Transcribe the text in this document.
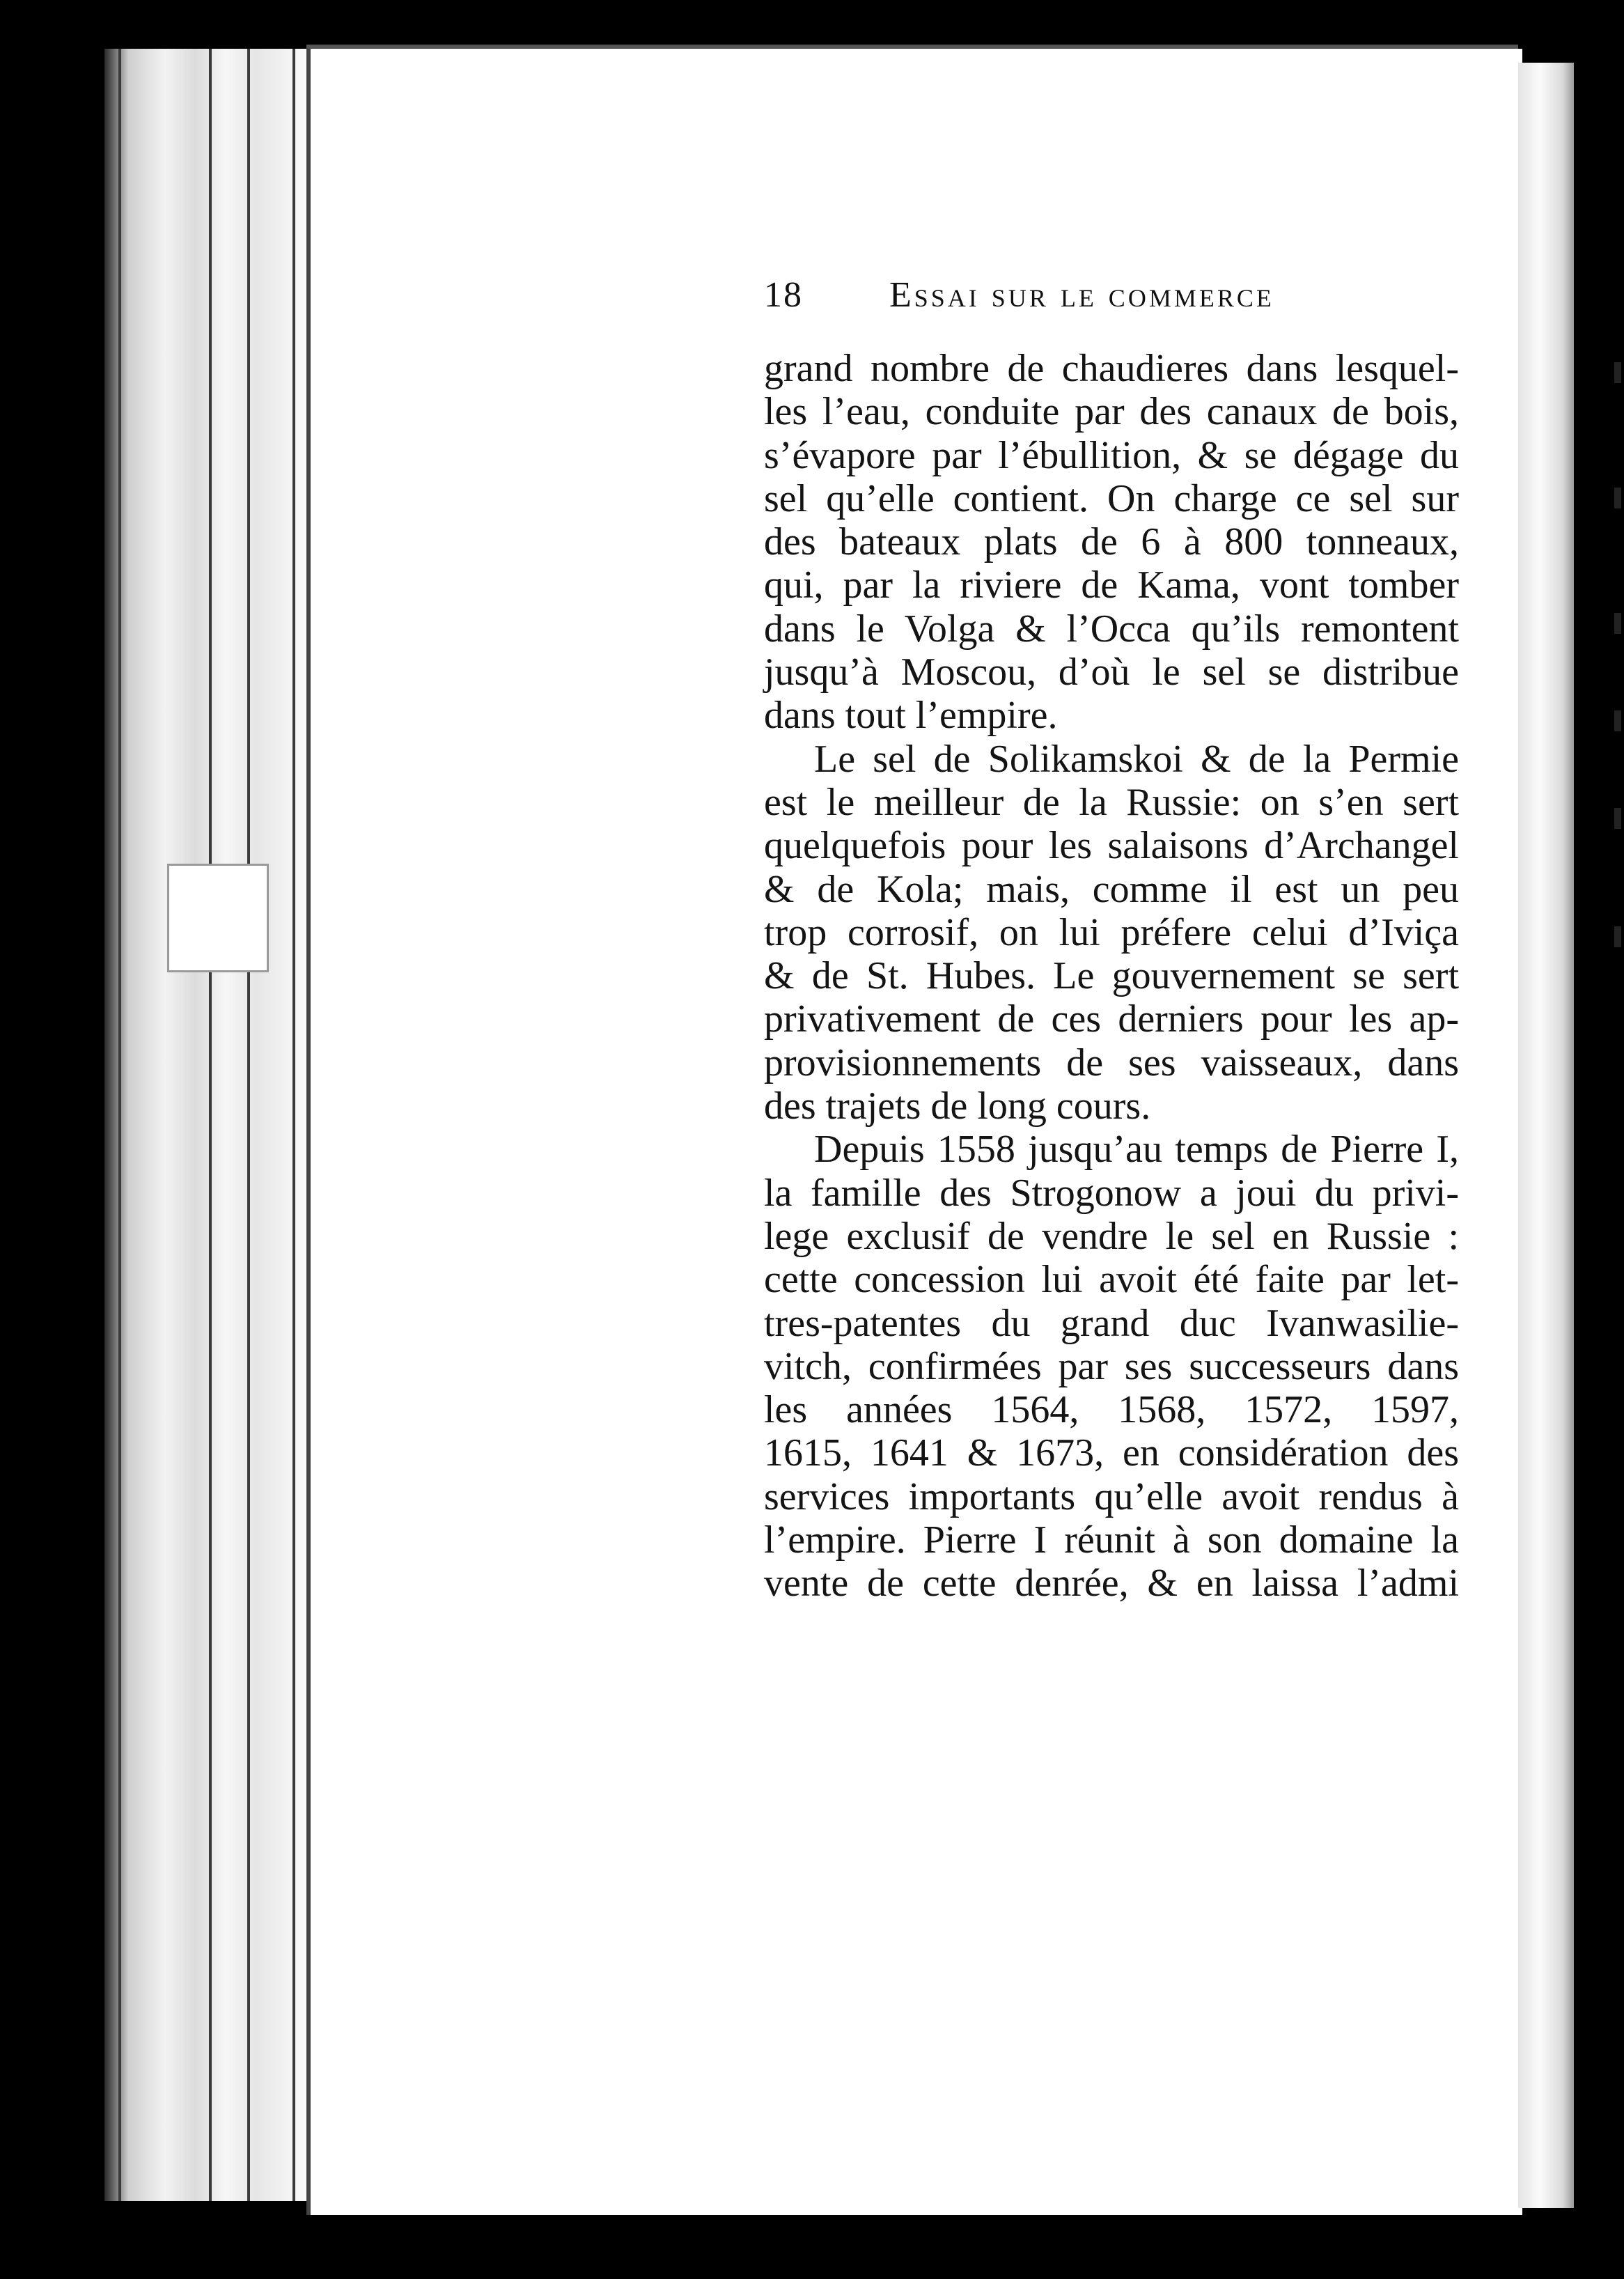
18 Essai sur le commerce
grand nombre de chaudieres dans lesquel-
les l’eau, conduite par des canaux de bois,
s’évapore par l’ébullition, & se dégage du
sel qu’elle contient. On charge ce sel sur
des bateaux plats de 6 à 800 tonneaux,
qui, par la riviere de Kama, vont tomber
dans le Volga & l’Occa qu’ils remontent
jusqu’à Moscou, d’où le sel se distribue
dans tout l’empire.
Le sel de Solikamskoi & de la Permie
est le meilleur de la Russie: on s’en sert
quelquefois pour les salaisons d’Archangel
& de Kola; mais, comme il est un peu
trop corrosif, on lui préfere celui d’Iviça
& de St. Hubes. Le gouvernement se sert
privativement de ces derniers pour les ap-
provisionnements de ses vaisseaux, dans
des trajets de long cours.
Depuis 1558 jusqu’au temps de Pierre I,
la famille des Strogonow a joui du privi-
lege exclusif de vendre le sel en Russie :
cette concession lui avoit été faite par let-
tres-patentes du grand duc Ivanwasilie-
vitch, confirmées par ses successeurs dans
les années 1564, 1568, 1572, 1597,
1615, 1641 & 1673, en considération des
services importants qu’elle avoit rendus à
l’empire. Pierre I réunit à son domaine la
vente de cette denrée, & en laissa l’admi
